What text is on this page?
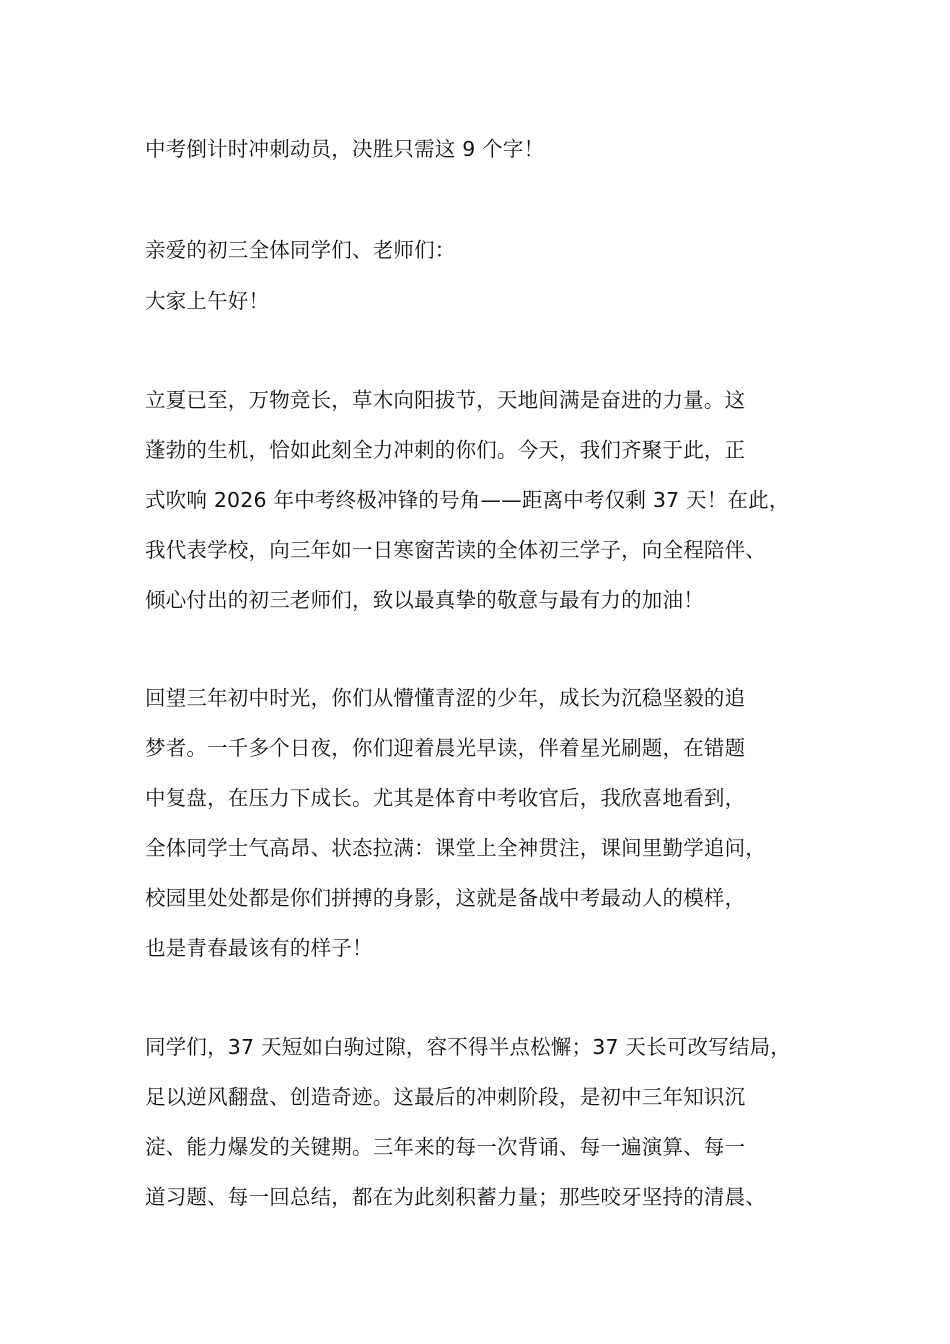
中考倒计时冲刺动员，决胜只需这 9 个字！
亲爱的初三全体同学们、老师们：
大家上午好！
立夏已至，万物竞长，草木向阳拔节，天地间满是奋进的力量。这
蓬勃的生机，恰如此刻全力冲刺的你们。今天，我们齐聚于此，正
式吹响 2026 年中考终极冲锋的号角——距离中考仅剩 37 天！在此，
我代表学校，向三年如一日寒窗苦读的全体初三学子，向全程陪伴、
倾心付出的初三老师们，致以最真挚的敬意与最有力的加油！
回望三年初中时光，你们从懵懂青涩的少年，成长为沉稳坚毅的追
梦者。一千多个日夜，你们迎着晨光早读，伴着星光刷题，在错题
中复盘，在压力下成长。尤其是体育中考收官后，我欣喜地看到，
全体同学士气高昂、状态拉满：课堂上全神贯注，课间里勤学追问，
校园里处处都是你们拼搏的身影，这就是备战中考最动人的模样，
也是青春最该有的样子！
同学们，37 天短如白驹过隙，容不得半点松懈；37 天长可改写结局，
足以逆风翻盘、创造奇迹。这最后的冲刺阶段，是初中三年知识沉
淀、能力爆发的关键期。三年来的每一次背诵、每一遍演算、每一
道习题、每一回总结，都在为此刻积蓄力量；那些咬牙坚持的清晨、
